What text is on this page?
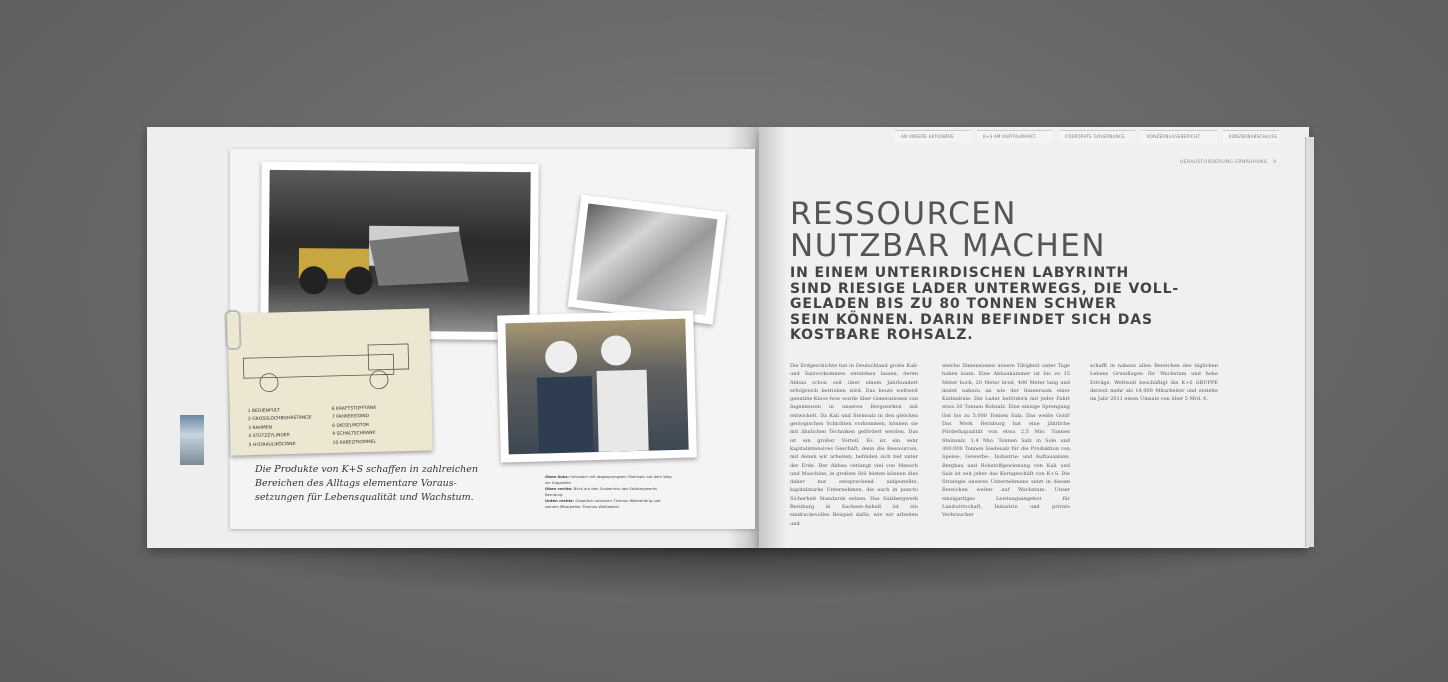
1 BEDIENPULT
2 GROSSLOCHBOHRSTANGE
3 RAHMEN
4 STÜTZZYLINDER
5 HYDRAULIKÖLTANK
6 KRAFTSTOFFTANK
7 FAHRERSTAND
8 DIESELMOTOR
9 SCHALTSCHRANK
10 KABELTROMMEL
Die Produkte von K+S schaffen in zahlreichen
Bereichen des Alltags elementare Voraus-
setzungen für Lebensqualität und Wachstum.
Oben links: Fahrlader mit abgesprengtem Steinsalz auf dem Weg zur Kippstelle
Oben rechts: Blick auf den Grubenriss des Salzbergwerks Bernburg
Unten rechts: Gespräch zwischen Thomas Weitzerding und seinem Mitarbeiter Thomas Weißweiler
AN UNSERE AKTIONÄRE	K+S AM KAPITALMARKT	CORPORATE GOVERNANCE	KONZERNLAGEBERICHT	KONZERNABSCHLUSS
HERAUSFORDERUNG ERNÄHRUNG 9
RESSOURCEN
NUTZBAR MACHEN
IN EINEM UNTERIRDISCHEN LABYRINTH
SIND RIESIGE LADER UNTERWEGS, DIE VOLL-
GELADEN BIS ZU 80 TONNEN SCHWER
SEIN KÖNNEN. DARIN BEFINDET SICH DAS
KOSTBARE ROHSALZ.
Die Erdgeschichte hat in Deutschland große Kali- und Salzvorkommen entstehen lassen, deren Abbau schon seit über einem Jahrhundert erfolgreich betrieben wird. Das heute weltweit genutzte Know-how wurde über Generationen von Ingenieuren in unseren Bergwerken mit entwickelt. Da Kali und Steinsalz in den gleichen geologischen Schichten vorkommen, können sie mit ähnlichen Techniken gefördert werden. Das ist ein großer Vorteil. Es ist ein sehr kapitalintensives Geschäft, denn die Ressourcen, mit denen wir arbeiten, befinden sich tief unter der Erde. Der Abbau verlangt viel von Mensch und Maschine; in großem Stil leisten können dies daher nur entsprechend aufgestellte, kapitalstarke Unternehmen, die auch in puncto Sicherheit Standards setzen. Das Salzbergwerk Bernburg in Sachsen-Anhalt ist ein eindrucksvolles Beispiel dafür, wie wir arbeiten und
welche Dimensionen unsere Tätigkeit unter Tage haben kann. Eine Abbaukammer ist bis zu 15 Meter hoch, 20 Meter breit, 400 Meter lang und mutet nahezu an wie der Innenraum einer Kathedrale. Die Lader befördern mit jeder Fahrt etwa 20 Tonnen Rohsalz. Eine einzige Sprengung löst bis zu 5.000 Tonnen Salz. Das weiße Gold! Das Werk Bernburg hat eine jährliche Förderkapazität von etwa 2,5 Mio. Tonnen Steinsalz, 1,4 Mio. Tonnen Salz in Sole und 300.000 Tonnen Siedesalz für die Produktion von Speise-, Gewerbe-, Industrie- und Auftausalzen. Bergbau und Rohstoffgewinnung von Kali und Salz ist seit jeher das Kerngeschäft von K+S. Die Strategie unseres Unternehmens setzt in diesen Bereichen weiter auf Wachstum. Unser einzigartiges Leistungsangebot für Landwirtschaft, Industrie und private Verbraucher
schafft in nahezu allen Bereichen des täglichen Lebens Grundlagen für Wachstum und hohe Erträge. Weltweit beschäftigt die K+S GRUPPE derzeit mehr als 14.000 Mitarbeiter und erzielte im Jahr 2011 einen Umsatz von über 5 Mrd. €.
